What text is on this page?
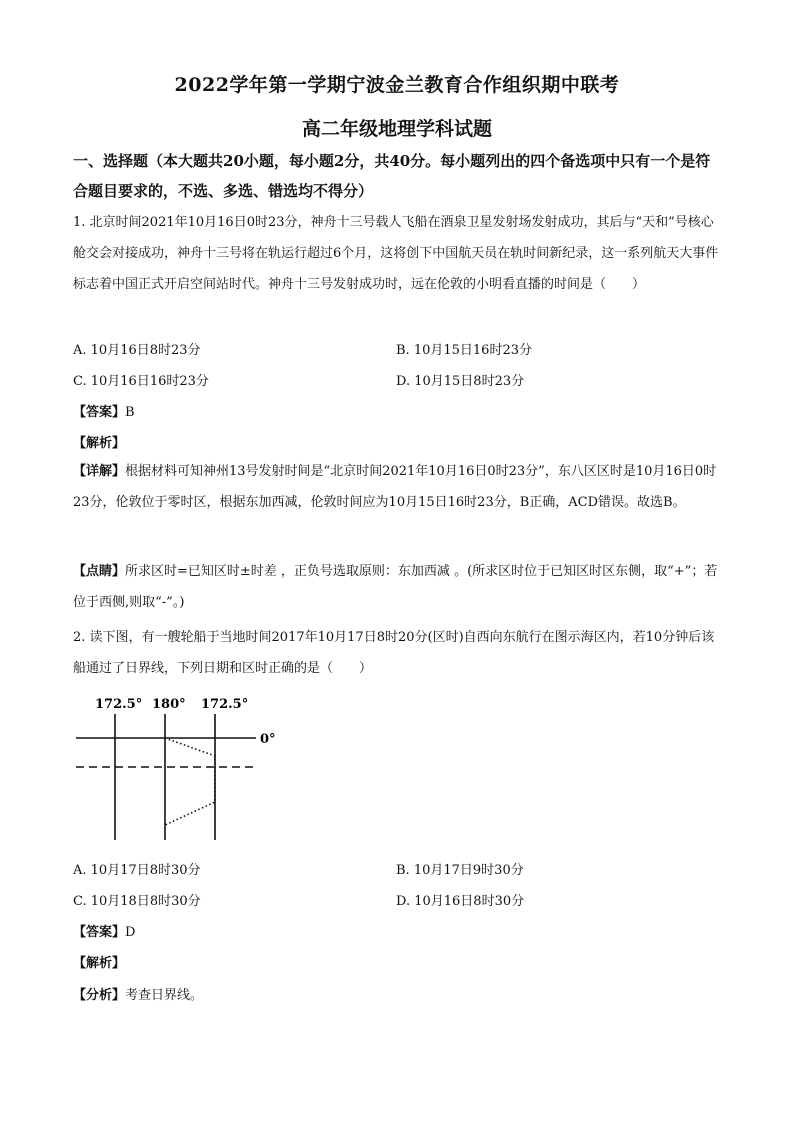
2022学年第一学期宁波金兰教育合作组织期中联考
高二年级地理学科试题
一、选择题（本大题共20小题，每小题2分，共40分。每小题列出的四个备选项中只有一个是符合题目要求的，不选、多选、错选均不得分）
1. 北京时间2021年10月16日0时23分，神舟十三号载人飞船在酒泉卫星发射场发射成功，其后与“天和”号核心舱交会对接成功，神舟十三号将在轨运行超过6个月，这将创下中国航天员在轨时间新纪录，这一系列航天大事件标志着中国正式开启空间站时代。神舟十三号发射成功时，远在伦敦的小明看直播的时间是（　　）
A. 10月16日8时23分	B. 10月15日16时23分
C. 10月16日16时23分	D. 10月15日8时23分
【答案】B
【解析】
【详解】根据材料可知神州13号发射时间是“北京时间2021年10月16日0时23分”，东八区区时是10月16日0时23分，伦敦位于零时区，根据东加西减，伦敦时间应为10月15日16时23分，B正确，ACD错误。故选B。
【点睛】所求区时=已知区时±时差 ，正负号选取原则：东加西减 。(所求区时位于已知区时区东侧，取“+”；若位于西侧,则取“-”。)
2. 读下图，有一艘轮船于当地时间2017年10月17日8时20分(区时)自西向东航行在图示海区内，若10分钟后该船通过了日界线，下列日期和区时正确的是（　　）
172.5° 180° 172.5°
0°
A. 10月17日8时30分	B. 10月17日9时30分
C. 10月18日8时30分	D. 10月16日8时30分
【答案】D
【解析】
【分析】考查日界线。
